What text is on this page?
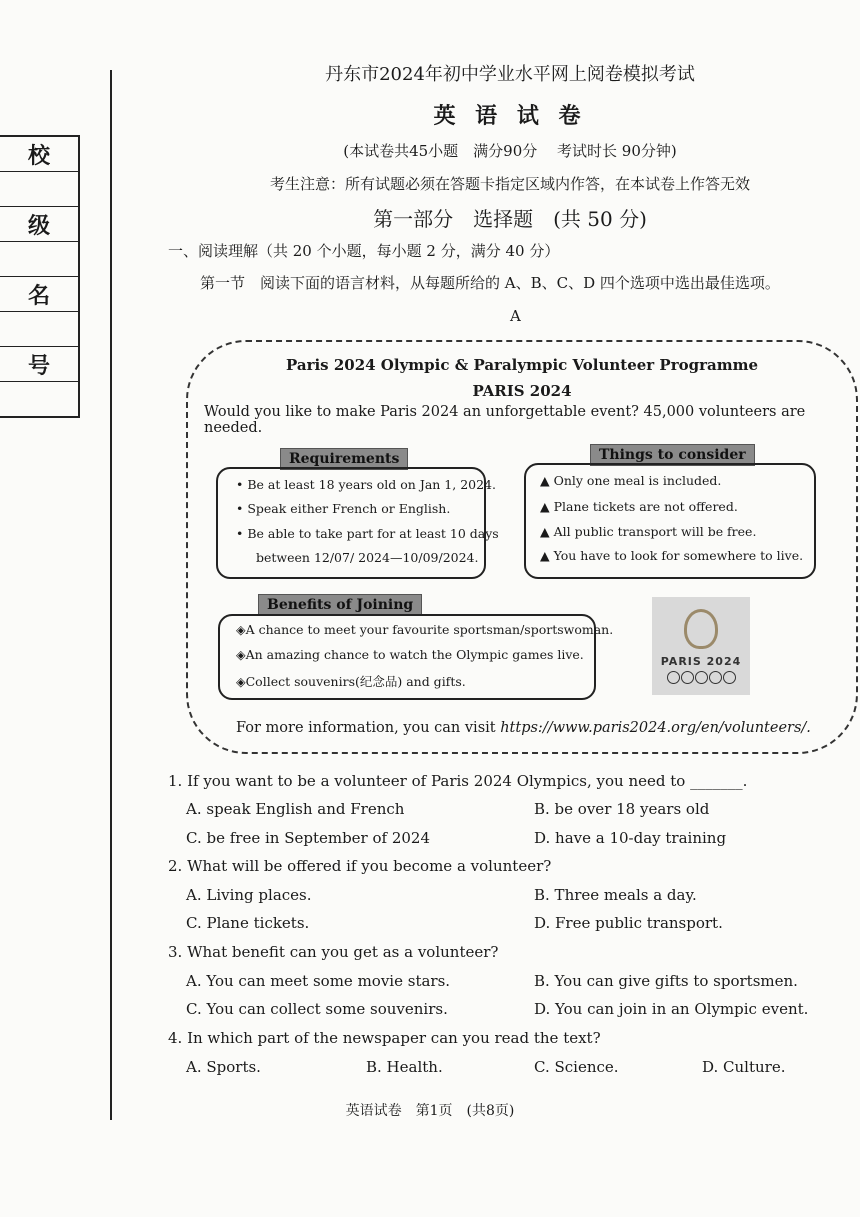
校
级
名
号
丹东市2024年初中学业水平网上阅卷模拟考试
英 语 试 卷
(本试卷共45小题　满分90分　 考试时长 90分钟)
考生注意：所有试题必须在答题卡指定区域内作答，在本试卷上作答无效
第一部分　选择题　(共 50 分)
一、阅读理解（共 20 个小题，每小题 2 分，满分 40 分）
第一节　阅读下面的语言材料，从每题所给的 A、B、C、D 四个选项中选出最佳选项。
A
Paris 2024 Olympic & Paralympic Volunteer Programme
PARIS 2024
Would you like to make Paris 2024 an unforgettable event? 45,000 volunteers are needed.
Requirements
• Be at least 18 years old on Jan 1, 2024.
• Speak either French or English.
• Be able to take part for at least 10 days
between 12/07/ 2024—10/09/2024.
Things to consider
▲ Only one meal is included.
▲ Plane tickets are not offered.
▲ All public transport will be free.
▲ You have to look for somewhere to live.
Benefits of Joining
◈A chance to meet your favourite sportsman/sportswoman.
◈An amazing chance to watch the Olympic games live.
◈Collect souvenirs(纪念品) and gifts.
PARIS 2024
For more information, you can visit https://www.paris2024.org/en/volunteers/.
1. If you want to be a volunteer of Paris 2024 Olympics, you need to _______.
A. speak English and French	B. be over 18 years old
C. be free in September of 2024	D. have a 10-day training
2. What will be offered if you become a volunteer?
A. Living places.	B. Three meals a day.
C. Plane tickets.	D. Free public transport.
3. What benefit can you get as a volunteer?
A. You can meet some movie stars.	B. You can give gifts to sportsmen.
C. You can collect some souvenirs.	D. You can join in an Olympic event.
4. In which part of the newspaper can you read the text?
A. Sports.	B. Health.	C. Science.	D. Culture.
英语试卷　第1页　(共8页)
